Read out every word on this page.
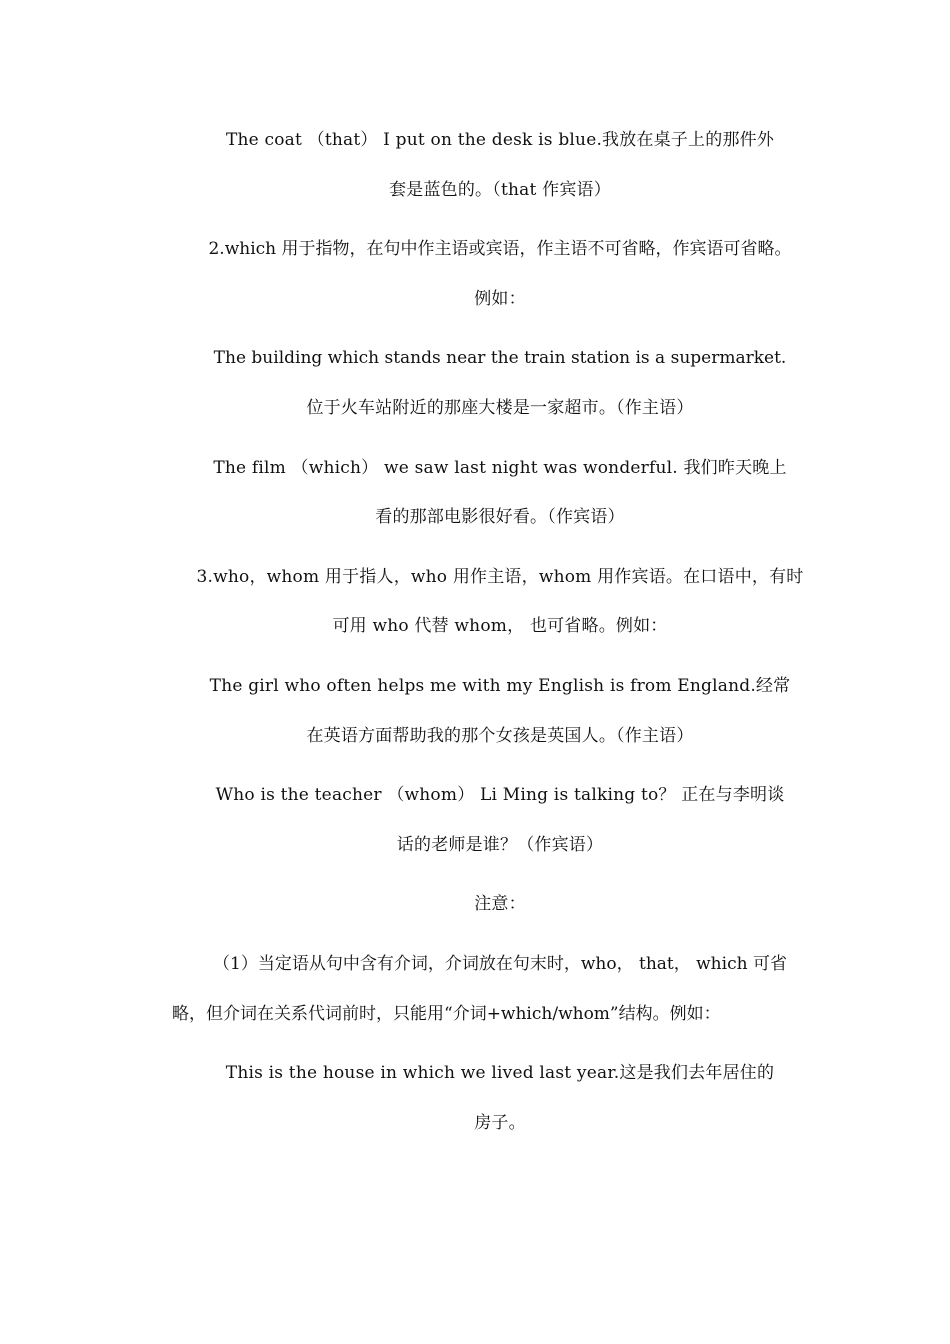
The coat （that） I put on the desk is blue.我放在桌子上的那件外
套是蓝色的。（that 作宾语）
2.which 用于指物，在句中作主语或宾语，作主语不可省略，作宾语可省略。
例如：
The building which stands near the train station is a supermarket.
位于火车站附近的那座大楼是一家超市。（作主语）
The film （which） we saw last night was wonderful. 我们昨天晚上
看的那部电影很好看。（作宾语）
3.who，whom 用于指人，who 用作主语，whom 用作宾语。在口语中，有时
可用 who 代替 whom， 也可省略。例如：
The girl who often helps me with my English is from England.经常
在英语方面帮助我的那个女孩是英国人。（作主语）
Who is the teacher （whom） Li Ming is talking to？ 正在与李明谈
话的老师是谁？（作宾语）
注意：
（1）当定语从句中含有介词，介词放在句末时，who， that， which 可省
略，但介词在关系代词前时，只能用“介词+which/whom”结构。例如：
This is the house in which we lived last year.这是我们去年居住的
房子。
